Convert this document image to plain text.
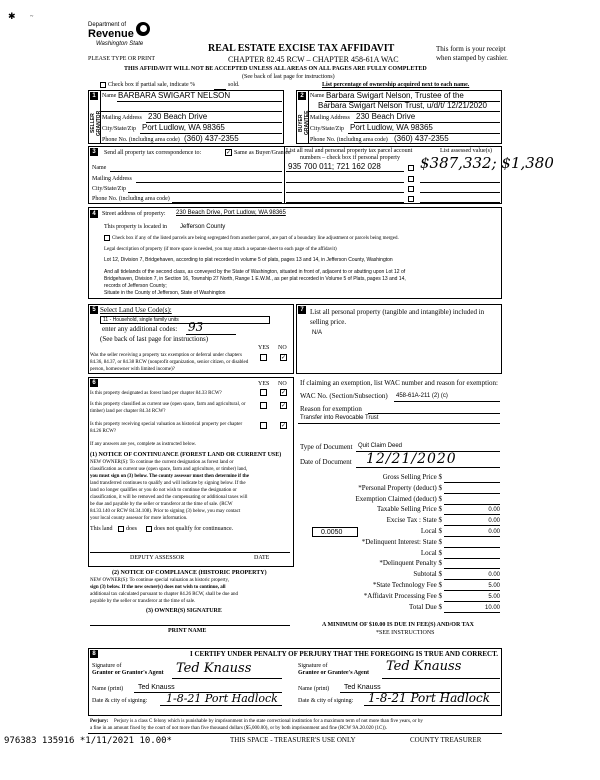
✱ ~
Department of
Revenue
Washington State
PLEASE TYPE OR PRINT
REAL ESTATE EXCISE TAX AFFIDAVIT
CHAPTER 82.45 RCW – CHAPTER 458-61A WAC
THIS AFFIDAVIT WILL NOT BE ACCEPTED UNLESS ALL AREAS ON ALL PAGES ARE FULLY COMPLETED
(See back of last page for instructions)
This form is your receipt
when stamped by cashier.
Check box if partial sale, indicate %	sold.	List percentage of ownership acquired next to each name.
1
SELLER GRANTOR
Name BARBARA SWIGART NELSON
Mailing Address 230 Beach Drive
City/State/Zip Port Ludlow, WA 98365
Phone No. (including area code) (360) 437-2355
2
BUYER GRANTEE
Name Barbara Swigart Nelson, Trustee of the
Barbara Swigart Nelson Trust, u/d/t/ 12/21/2020
Mailing Address 230 Beach Drive
City/State/Zip Port Ludlow, WA 98365
Phone No. (including area code) (360) 437-2355
3	Send all property tax correspondence to:	✓ Same as Buyer/Grantee
Name
Mailing Address
City/State/Zip
Phone No. (including area code)
List all real and personal property tax parcel account
numbers – check box if personal property
List assessed value(s)
935 700 011; 721 162 028	$387,332; $1,380
4	Street address of property: 230 Beach Drive, Port Ludlow, WA 98365
This property is located in Jefferson County
Check box if any of the listed parcels are being segregated from another parcel, are part of a boundary line adjustment or parcels being merged.
Legal description of property (if more space is needed, you may attach a separate sheet to each page of the affidavit)
Lot 12, Division 7, Bridgehaven, according to plat recorded in volume 5 of plats, pages 13 and 14, in Jefferson County, Washington
And all tidelands of the second class, as conveyed by the State of Washington, situated in front of, adjacent to or abutting upon Lot 12 of
Bridgehaven, Division 7, in Section 16, Township 27 North, Range 1 E.W.M., as per plat recorded in Volume 5 of Plats, pages 13 and 14,
records of Jefferson County;
Situate in the County of Jefferson, State of Washington
5 Select Land Use Code(s):
11 - Household, single family units
enter any additional codes: 93
(See back of last page for instructions)
YES NO
Was the seller receiving a property tax exemption or deferral under chapters 84.36, 84.37, or 84.38 RCW (nonprofit organization, senior citizen, or disabled person, homeowner with limited income)?
✓
7 List all personal property (tangible and intangible) included in selling price.
N/A
6	YES NO
Is this property designated as forest land per chapter 84.33 RCW?	✓
Is this property classified as current use (open space, farm and agricultural, or timber) land per chapter 84.34 RCW?
✓
Is this property receiving special valuation as historical property per chapter 84.26 RCW?
✓
If any answers are yes, complete as instructed below.
(1) NOTICE OF CONTINUANCE (FOREST LAND OR CURRENT USE)
NEW OWNER(S): To continue the current designation as forest land or
classification as current use (open space, farm and agriculture, or timber) land,
you must sign on (3) below. The county assessor must then determine if the
land transferred continues to qualify and will indicate by signing below. If the
land no longer qualifies or you do not wish to continue the designation or
classification, it will be removed and the compensating or additional taxes will
be due and payable by the seller or transferor at the time of sale. (RCW
84.33.140 or RCW 84.34.108). Prior to signing (3) below, you may contact
your local county assessor for more information.
This land does	does not qualify for continuance.
DEPUTY ASSESSOR	DATE
(2) NOTICE OF COMPLIANCE (HISTORIC PROPERTY)
NEW OWNER(S): To continue special valuation as historic property,
sign (3) below. If the new owner(s) does not wish to continue, all
additional tax calculated pursuant to chapter 84.26 RCW, shall be due and
payable by the seller or transferor at the time of sale.
(3) OWNER(S) SIGNATURE
PRINT NAME
If claiming an exemption, list WAC number and reason for exemption:
WAC No. (Section/Subsection) 458-61A-211 (2) (c)
Reason for exemption
Transfer into Revocable Trust
Type of Document Quit Claim Deed
Date of Document 12/21/2020
Gross Selling Price $
*Personal Property (deduct) $
Exemption Claimed (deduct) $
Taxable Selling Price $	0.00
Excise Tax : State $	0.00
Local $	0.00
*Delinquent Interest: State $
Local $
*Delinquent Penalty $
Subtotal $	0.00
*State Technology Fee $	5.00
*Affidavit Processing Fee $	5.00
Total Due $	10.00
0.0050
A MINIMUM OF $10.00 IS DUE IN FEE(S) AND/OR TAX
*SEE INSTRUCTIONS
8	I CERTIFY UNDER PENALTY OF PERJURY THAT THE FOREGOING IS TRUE AND CORRECT.
Signature of
Grantor or Grantor's Agent Ted Knauss
Name (print) Ted Knauss
Date & city of signing: 1-8-21 Port Hadlock
Signature of
Grantee or Grantee's Agent Ted Knauss
Name (print) Ted Knauss
Date & city of signing: 1-8-21 Port Hadlock
Perjury: Perjury is a class C felony which is punishable by imprisonment in the state correctional institution for a maximum term of not more than five years, or by
a fine in an amount fixed by the court of not more than five thousand dollars ($5,000.00), or by both imprisonment and fine (RCW 9A.20.020 (1C)).
976383 135916 *1/11/2021 10.00*	THIS SPACE - TREASURER'S USE ONLY	COUNTY TREASURER
